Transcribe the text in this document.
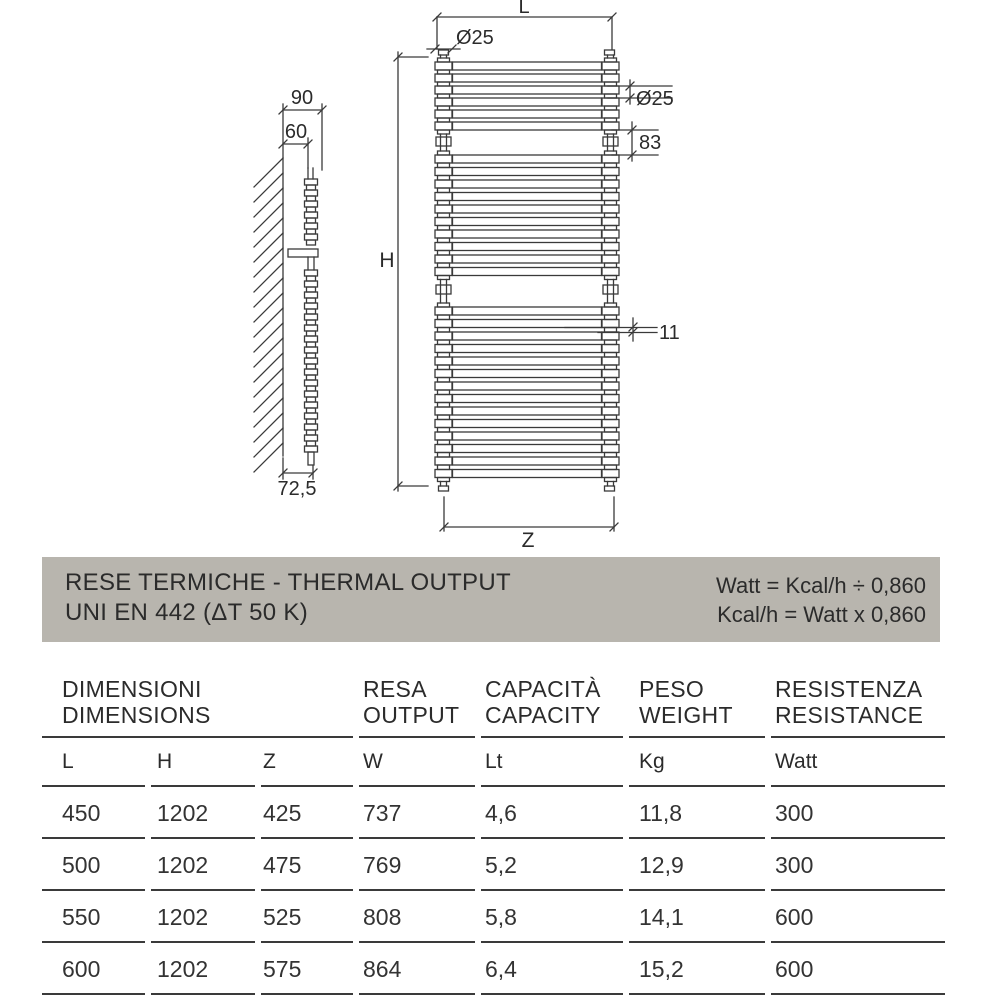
90
60
72,5
L
H
Z
Ø25
Ø25
83
11
RESE TERMICHE - THERMAL OUTPUT
UNI EN 442 (ΔT 50 K)
Watt = Kcal/h ÷ 0,860
Kcal/h = Watt x 0,860
DIMENSIONI
DIMENSIONS

RESA
OUTPUT

CAPACITÀ
CAPACITY

PESO
WEIGHT

RESISTENZA
RESISTANCE

L	H	Z	W	Lt	Kg	Watt
450	1202	425	737	4,6	11,8	300
500	1202	475	769	5,2	12,9	300
550	1202	525	808	5,8	14,1	600
600	1202	575	864	6,4	15,2	600
